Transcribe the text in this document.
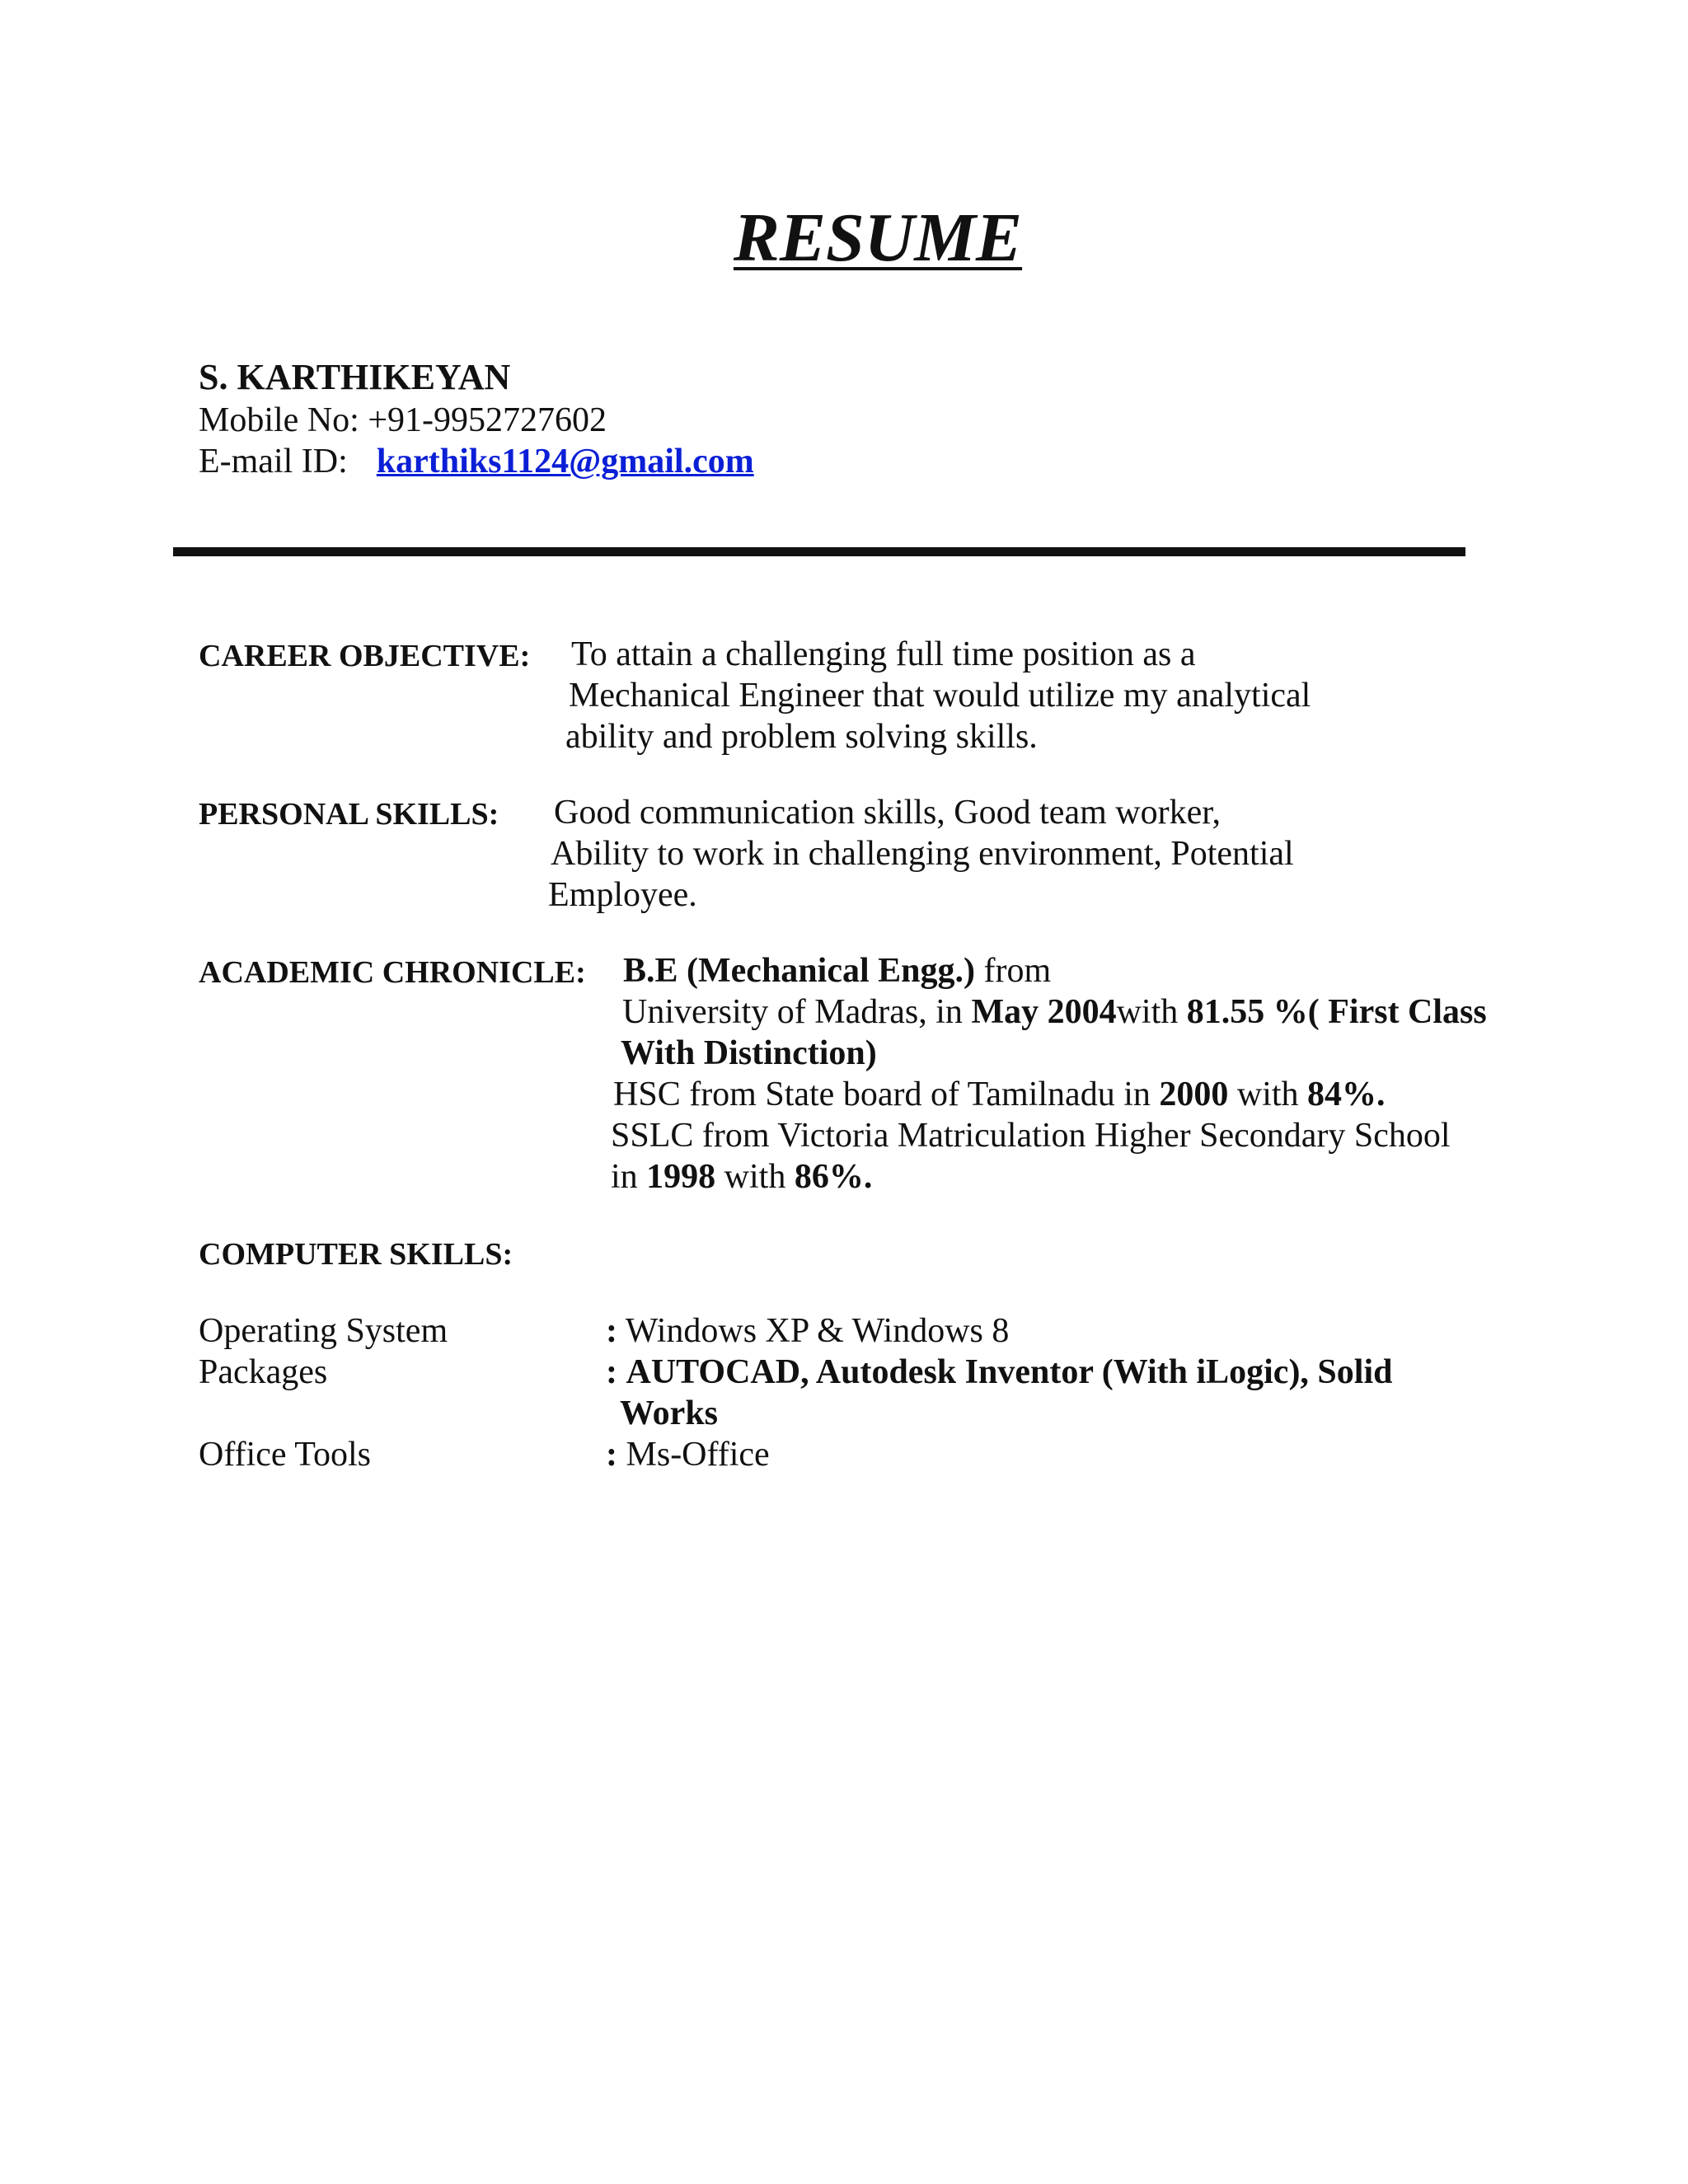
RESUME
S. KARTHIKEYAN
Mobile No: +91-9952727602
E-mail ID: karthiks1124@gmail.com
CAREER OBJECTIVE: To attain a challenging full time position as a
Mechanical Engineer that would utilize my analytical
ability and problem solving skills.
PERSONAL SKILLS: Good communication skills, Good team worker,
Ability to work in challenging environment, Potential
Employee.
ACADEMIC CHRONICLE: B.E (Mechanical Engg.) from
University of Madras, in May 2004with 81.55 %( First Class
With Distinction)
HSC from State board of Tamilnadu in 2000 with 84%.
SSLC from Victoria Matriculation Higher Secondary School
in 1998 with 86%.
COMPUTER SKILLS:
Operating System	: Windows XP & Windows 8
Packages	: AUTOCAD, Autodesk Inventor (With iLogic), Solid
Works
Office Tools	: Ms-Office
